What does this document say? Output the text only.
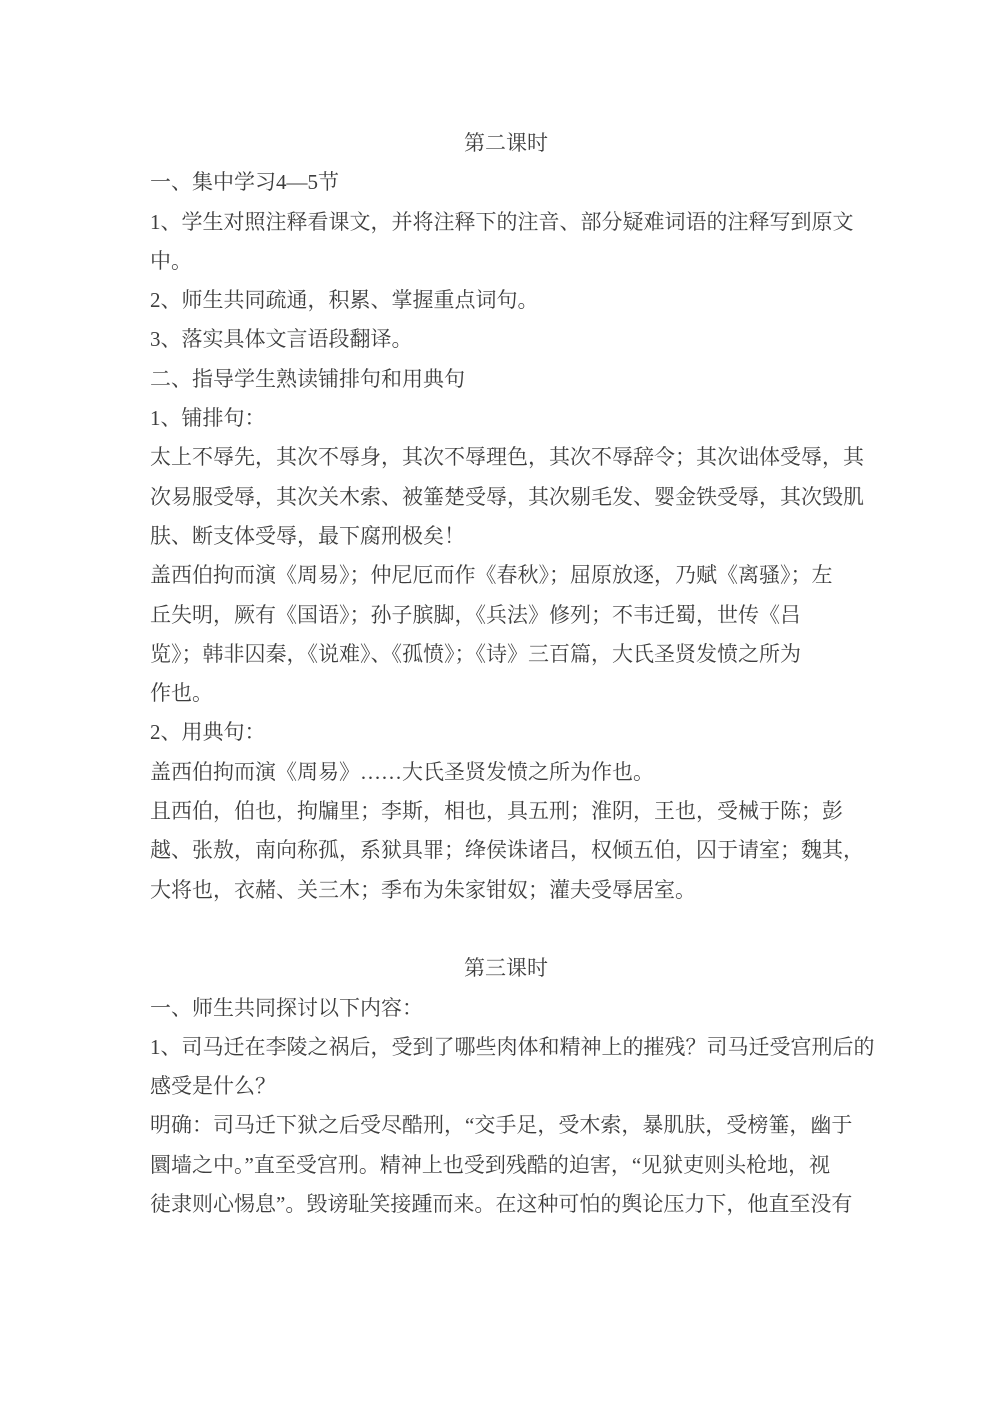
第二课时
一、集中学习4—5节
1、学生对照注释看课文，并将注释下的注音、部分疑难词语的注释写到原文
中。
2、师生共同疏通，积累、掌握重点词句。
3、落实具体文言语段翻译。
二、指导学生熟读铺排句和用典句
1、铺排句：
太上不辱先，其次不辱身，其次不辱理色，其次不辱辞令；其次诎体受辱，其
次易服受辱，其次关木索、被箠楚受辱，其次剔毛发、婴金铁受辱，其次毁肌
肤、断支体受辱，最下腐刑极矣！
盖西伯拘而演《周易》；仲尼厄而作《春秋》；屈原放逐，乃赋《离骚》；左
丘失明，厥有《国语》；孙子膑脚，《兵法》修列；不韦迁蜀，世传《吕
览》；韩非囚秦，《说难》、《孤愤》；《诗》三百篇，大氏圣贤发愤之所为
作也。
2、用典句：
盖西伯拘而演《周易》……大氏圣贤发愤之所为作也。
且西伯，伯也，拘牖里；李斯，相也，具五刑；淮阴，王也，受械于陈；彭
越、张敖，南向称孤，系狱具罪；绛侯诛诸吕，权倾五伯，囚于请室；魏其，
大将也，衣赭、关三木；季布为朱家钳奴；灌夫受辱居室。
第三课时
一、师生共同探讨以下内容：
1、司马迁在李陵之祸后，受到了哪些肉体和精神上的摧残？司马迁受宫刑后的
感受是什么？
明确：司马迁下狱之后受尽酷刑，“交手足，受木索，暴肌肤，受榜箠，幽于
圜墙之中。”直至受宫刑。精神上也受到残酷的迫害，“见狱吏则头枪地，视
徒隶则心惕息”。毁谤耻笑接踵而来。在这种可怕的舆论压力下，他直至没有
